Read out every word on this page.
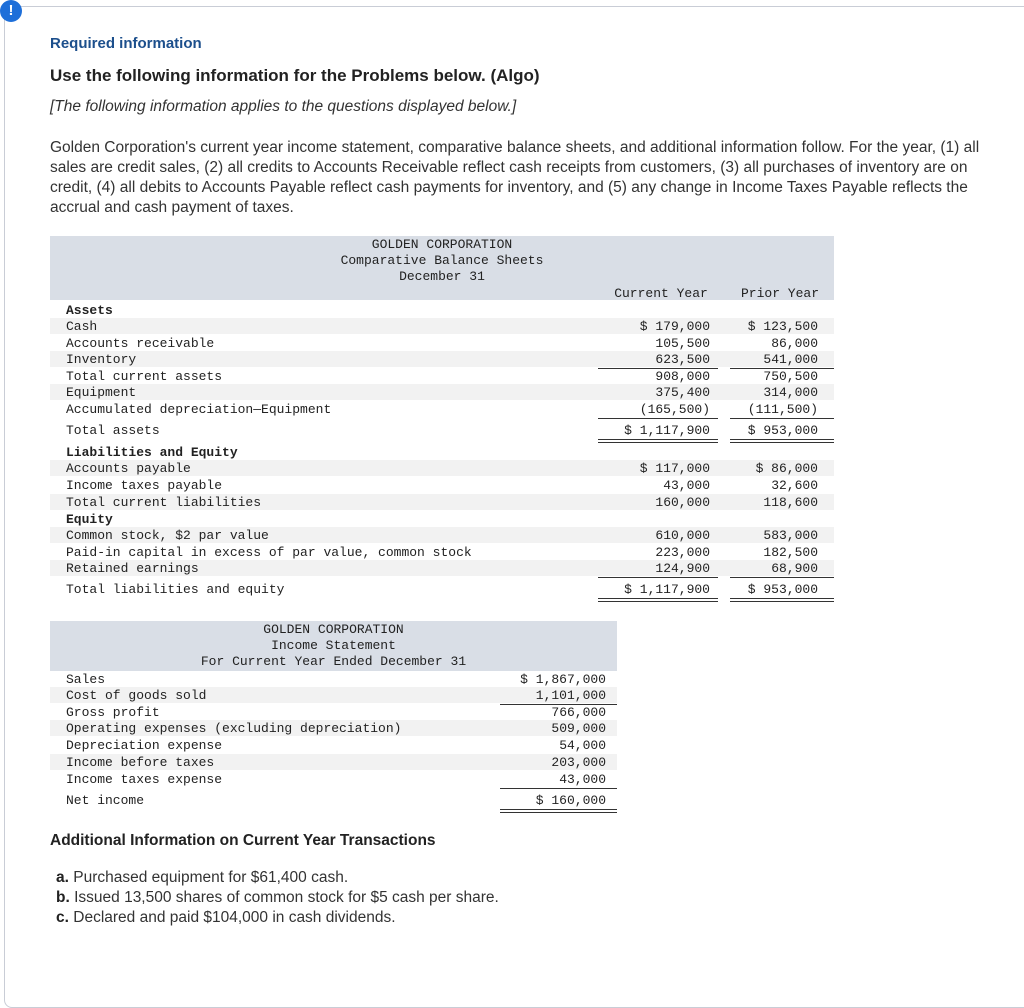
!
Required information
Use the following information for the Problems below. (Algo)
[The following information applies to the questions displayed below.]
Golden Corporation's current year income statement, comparative balance sheets, and additional information follow. For the year, (1) all sales are credit sales, (2) all credits to Accounts Receivable reflect cash receipts from customers, (3) all purchases of inventory are on credit, (4) all debits to Accounts Payable reflect cash payments for inventory, and (5) any change in Income Taxes Payable reflects the accrual and cash payment of taxes.
GOLDEN CORPORATION
Comparative Balance Sheets
December 31
Current Year	Prior Year
Assets
Cash	$ 179,000	$ 123,500
Accounts receivable	105,500	86,000
Inventory	623,500	541,000
Total current assets	908,000	750,500
Equipment	375,400	314,000
Accumulated depreciation—Equipment	(165,500)	(111,500)
Total assets	$ 1,117,900	$ 953,000
Liabilities and Equity
Accounts payable	$ 117,000	$ 86,000
Income taxes payable	43,000	32,600
Total current liabilities	160,000	118,600
Equity
Common stock, $2 par value	610,000	583,000
Paid-in capital in excess of par value, common stock	223,000	182,500
Retained earnings	124,900	68,900
Total liabilities and equity	$ 1,117,900	$ 953,000
GOLDEN CORPORATION
Income Statement
For Current Year Ended December 31
Sales	$ 1,867,000
Cost of goods sold	1,101,000
Gross profit	766,000
Operating expenses (excluding depreciation)	509,000
Depreciation expense	54,000
Income before taxes	203,000
Income taxes expense	43,000
Net income	$ 160,000
Additional Information on Current Year Transactions
a. Purchased equipment for $61,400 cash.
b. Issued 13,500 shares of common stock for $5 cash per share.
c. Declared and paid $104,000 in cash dividends.
